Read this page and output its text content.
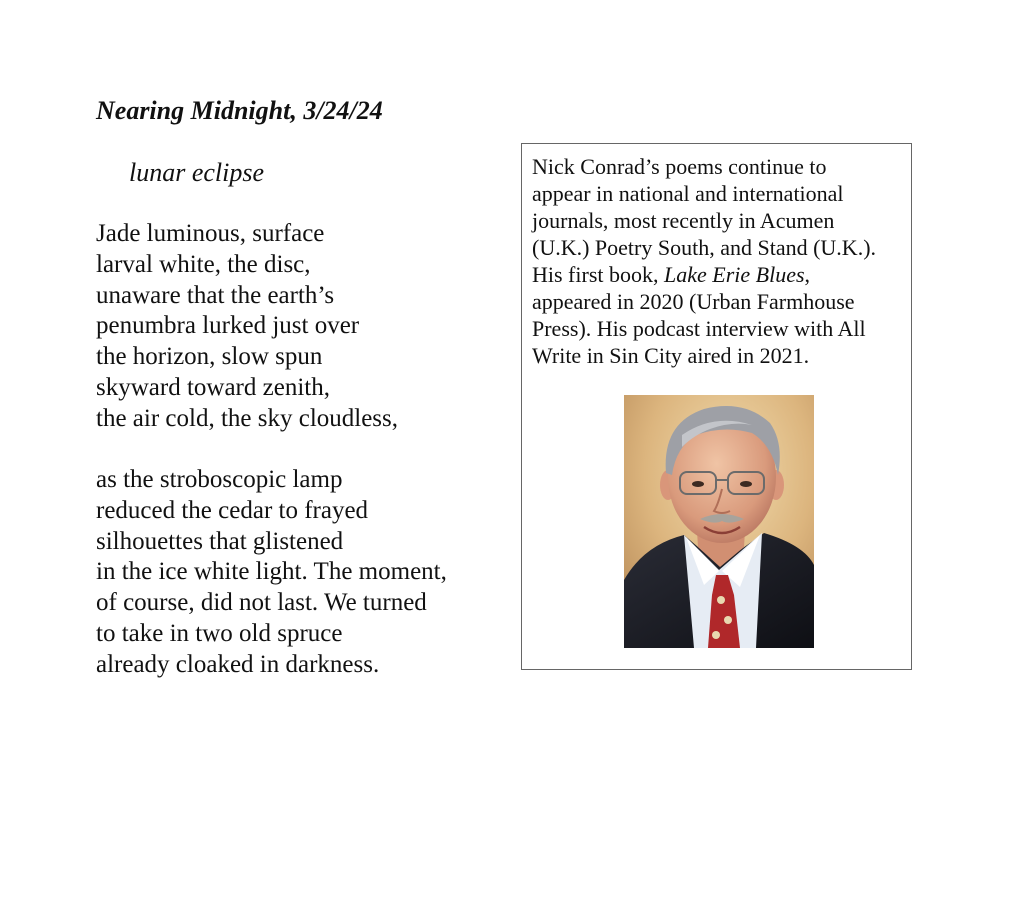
Nearing Midnight, 3/24/24

lunar eclipse

Jade luminous, surface
larval white, the disc,
unaware that the earth’s
penumbra lurked just over
the horizon, slow spun
skyward toward zenith,
the air cold, the sky cloudless,

as the stroboscopic lamp
reduced the cedar to frayed
silhouettes that glistened
in the ice white light. The moment,
of course, did not last. We turned
to take in two old spruce
already cloaked in darkness.

Nick Conrad’s poems continue to
appear in national and international
journals, most recently in Acumen
(U.K.) Poetry South, and Stand (U.K.).
His first book, Lake Erie Blues,
appeared in 2020 (Urban Farmhouse
Press). His podcast interview with All
Write in Sin City aired in 2021.
